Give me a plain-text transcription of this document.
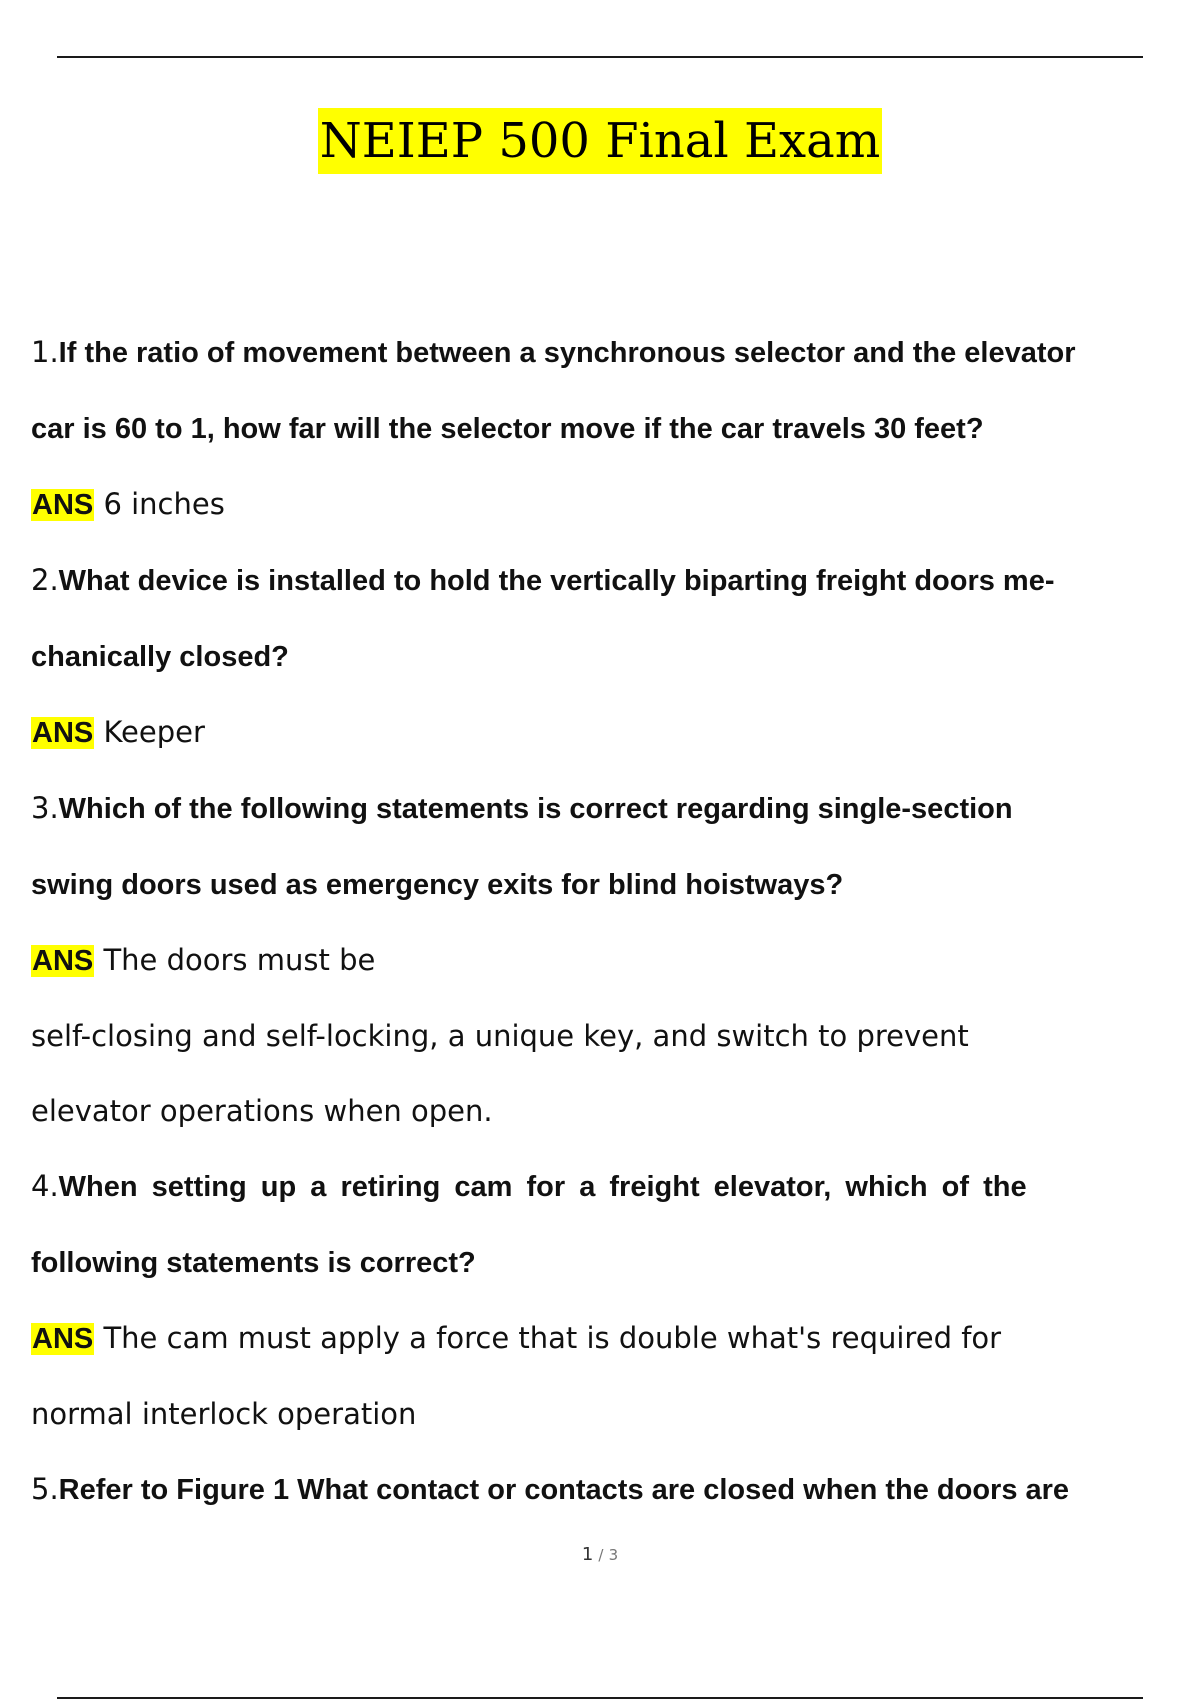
NEIEP 500 Final Exam

1.If the ratio of movement between a synchronous selector and the elevator

car is 60 to 1, how far will the selector move if the car travels 30 feet?

ANS 6 inches

2.What device is installed to hold the vertically biparting freight doors me-

chanically closed?

ANS Keeper

3.Which of the following statements is correct regarding single-section

swing doors used as emergency exits for blind hoistways?

ANS The doors must be

self-closing and self-locking, a unique key, and switch to prevent

elevator operations when open.

4.When setting up a retiring cam for a freight elevator, which of the

following statements is correct?

ANS The cam must apply a force that is double what's required for

normal interlock operation

5.Refer to Figure 1 What contact or contacts are closed when the doors are

1 / 3
